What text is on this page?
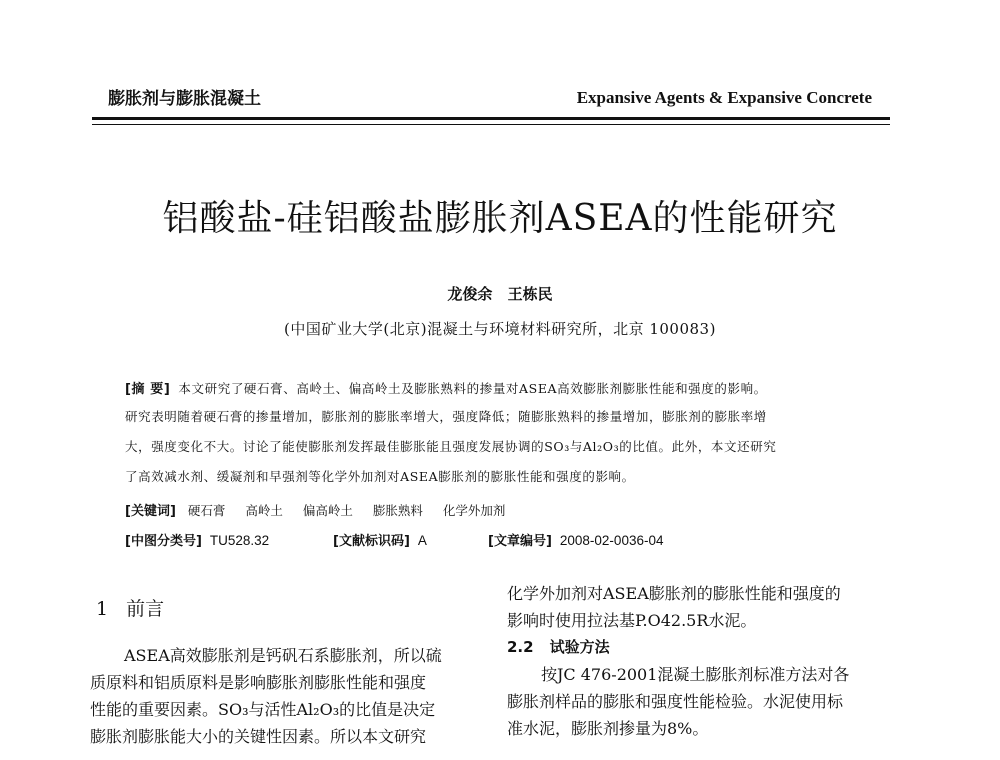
膨胀剂与膨胀混凝土	Expansive Agents & Expansive Concrete
铝酸盐-硅铝酸盐膨胀剂ASEA的性能研究
龙俊余 王栋民
(中国矿业大学(北京)混凝土与环境材料研究所，北京 100083)
[摘 要] 本文研究了硬石膏、高岭土、偏高岭土及膨胀熟料的掺量对ASEA高效膨胀剂膨胀性能和强度的影响。
研究表明随着硬石膏的掺量增加，膨胀剂的膨胀率增大，强度降低；随膨胀熟料的掺量增加，膨胀剂的膨胀率增
大，强度变化不大。讨论了能使膨胀剂发挥最佳膨胀能且强度发展协调的SO₃与Al₂O₃的比值。此外，本文还研究
了高效减水剂、缓凝剂和早强剂等化学外加剂对ASEA膨胀剂的膨胀性能和强度的影响。
[关键词] 硬石膏 高岭土 偏高岭土 膨胀熟料 化学外加剂
[中图分类号] TU528.32	[文献标识码] A	[文章编号] 2008-02-0036-04
1 前言
ASEA高效膨胀剂是钙矾石系膨胀剂，所以硫
质原料和铝质原料是影响膨胀剂膨胀性能和强度
性能的重要因素。SO₃与活性Al₂O₃的比值是决定
膨胀剂膨胀能大小的关键性因素。所以本文研究
化学外加剂对ASEA膨胀剂的膨胀性能和强度的
影响时使用拉法基P.O42.5R水泥。
2.2 试验方法
按JC 476-2001混凝土膨胀剂标准方法对各
膨胀剂样品的膨胀和强度性能检验。水泥使用标
准水泥，膨胀剂掺量为8%。
